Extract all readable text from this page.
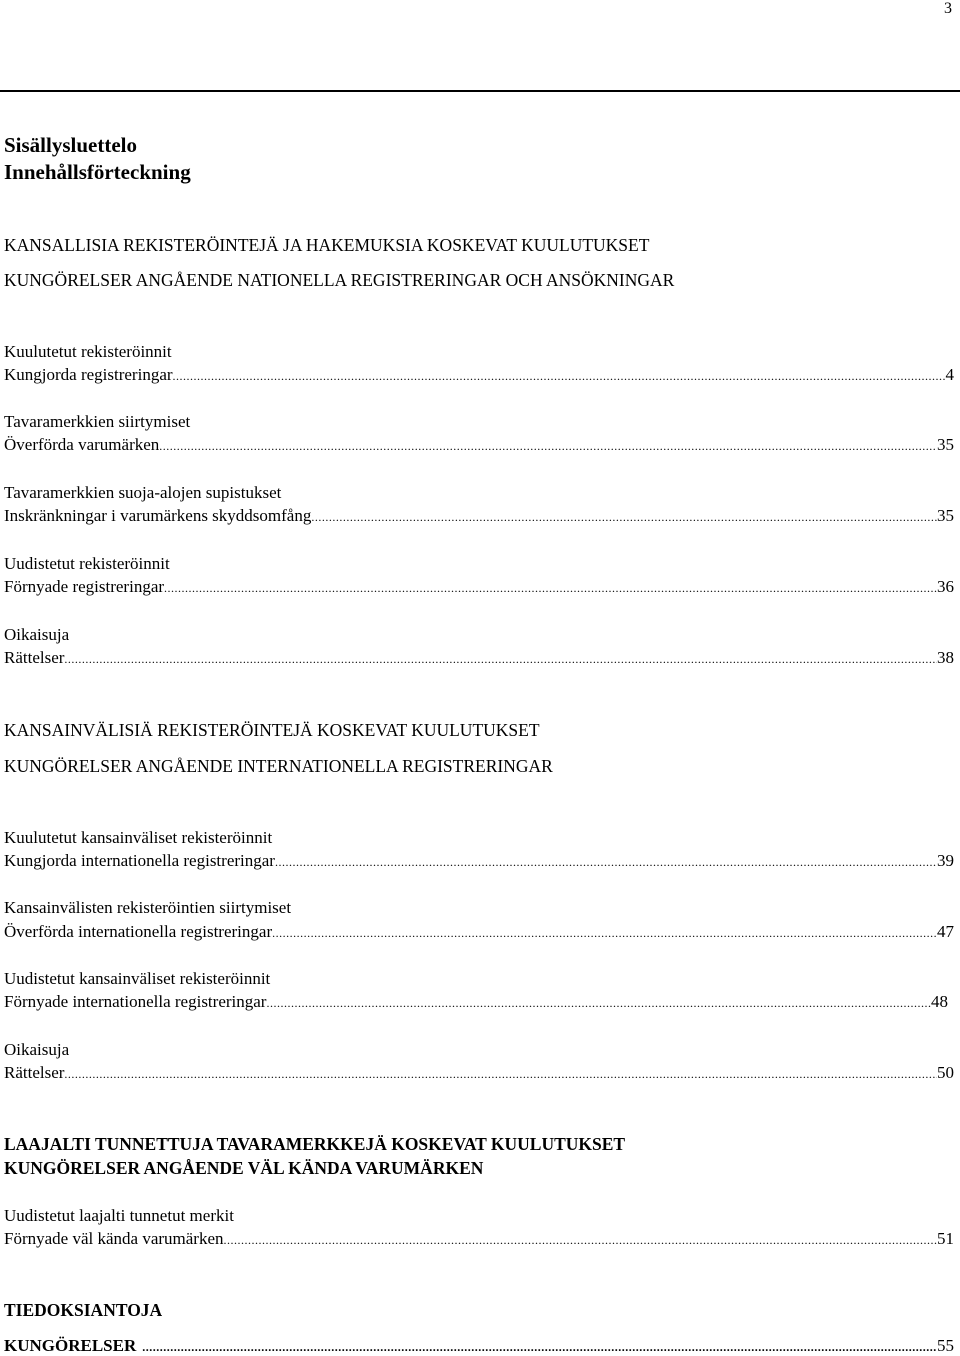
3
Sisällysluettelo
Innehållsförteckning
KANSALLISIA REKISTERÖINTEJÄ JA HAKEMUKSIA KOSKEVAT KUULUTUKSET
KUNGÖRELSER ANGÅENDE NATIONELLA REGISTRERINGAR OCH ANSÖKNINGAR
Kuulutetut rekisteröinnit
Kungjorda registreringar .....	4
Tavaramerkkien siirtymiset
Överförda varumärken .....	35
Tavaramerkkien suoja-alojen supistukset
Inskränkningar i varumärkens skyddsomfång .....	35
Uudistetut rekisteröinnit
Förnyade registreringar .....	36
Oikaisuja
Rättelser .....	38
KANSAINVÄLISIÄ REKISTERÖINTEJÄ KOSKEVAT KUULUTUKSET
KUNGÖRELSER ANGÅENDE INTERNATIONELLA REGISTRERINGAR
Kuulutetut kansainväliset rekisteröinnit
Kungjorda internationella registreringar .....	39
Kansainvälisten rekisteröintien siirtymiset
Överförda internationella registreringar .....	47
Uudistetut kansainväliset rekisteröinnit
Förnyade internationella registreringar .....	48
Oikaisuja
Rättelser .....	50
LAAJALTI TUNNETTUJA TAVARAMERKKEJÄ KOSKEVAT KUULUTUKSET
KUNGÖRELSER ANGÅENDE VÄL KÄNDA VARUMÄRKEN
Uudistetut laajalti tunnetut merkit
Förnyade väl kända varumärken .....	51
TIEDOKSIANTOJA
KUNGÖRELSER .....	55
